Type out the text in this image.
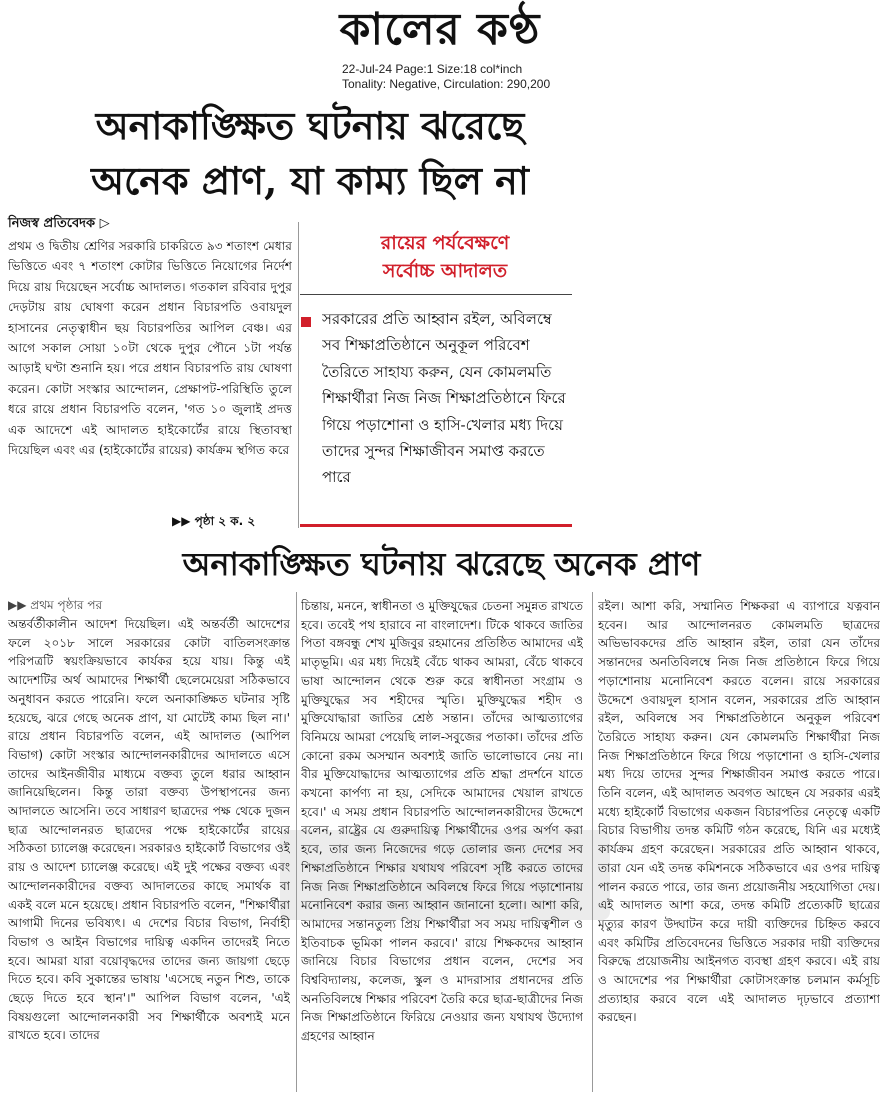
কালের কণ্ঠ
22-Jul-24 Page:1 Size:18 col*inch
Tonality: Negative, Circulation: 290,200
অনাকাঙ্ক্ষিত ঘটনায় ঝরেছে
অনেক প্রাণ, যা কাম্য ছিল না
নিজস্ব প্রতিবেদক ▷
প্রথম ও দ্বিতীয় শ্রেণির সরকারি চাকরিতে ৯৩ শতাংশ মেধার ভিত্তিতে এবং ৭ শতাংশ কোটার ভিত্তিতে নিয়োগের নির্দেশ দিয়ে রায় দিয়েছেন সর্বোচ্চ আদালত। গতকাল রবিবার দুপুর দেড়টায় রায় ঘোষণা করেন প্রধান বিচারপতি ওবায়দুল হাসানের নেতৃত্বাধীন ছয় বিচারপতির আপিল বেঞ্চ। এর আগে সকাল সোয়া ১০টা থেকে দুপুর পৌনে ১টা পর্যন্ত আড়াই ঘণ্টা শুনানি হয়। পরে প্রধান বিচারপতি রায় ঘোষণা করেন। কোটা সংস্কার আন্দোলন, প্রেক্ষাপট-পরিস্থিতি তুলে ধরে রায়ে প্রধান বিচারপতি বলেন, 'গত ১০ জুলাই প্রদত্ত এক আদেশে এই আদালত হাইকোর্টের রায়ে স্থিতাবস্থা দিয়েছিল এবং এর (হাইকোর্টের রায়ের) কার্যক্রম স্থগিত করে
▶▶ পৃষ্ঠা ২ ক. ২
রায়ের পর্যবেক্ষণে
সর্বোচ্চ আদালত
সরকারের প্রতি আহ্বান রইল, অবিলম্বে সব শিক্ষাপ্রতিষ্ঠানে অনুকূল পরিবেশ তৈরিতে সাহায্য করুন, যেন কোমলমতি শিক্ষার্থীরা নিজ নিজ শিক্ষাপ্রতিষ্ঠানে ফিরে গিয়ে পড়াশোনা ও হাসি-খেলার মধ্য দিয়ে তাদের সুন্দর শিক্ষাজীবন সমাপ্ত করতে পারে
অনাকাঙ্ক্ষিত ঘটনায় ঝরেছে অনেক প্রাণ
▶▶ প্রথম পৃষ্ঠার পর
অন্তর্বর্তীকালীন আদেশ দিয়েছিল। এই অন্তর্বর্তী আদেশের ফলে ২০১৮ সালে সরকারের কোটা বাতিলসংক্রান্ত পরিপত্রটি স্বয়ংক্রিয়ভাবে কার্যকর হয়ে যায়। কিন্তু এই আদেশটির অর্থ আমাদের শিক্ষার্থী ছেলেমেয়েরা সঠিকভাবে অনুধাবন করতে পারেনি। ফলে অনাকাঙ্ক্ষিত ঘটনার সৃষ্টি হয়েছে, ঝরে গেছে অনেক প্রাণ, যা মোটেই কাম্য ছিল না।' রায়ে প্রধান বিচারপতি বলেন, এই আদালত (আপিল বিভাগ) কোটা সংস্কার আন্দোলনকারীদের আদালতে এসে তাদের আইনজীবীর মাধ্যমে বক্তব্য তুলে ধরার আহ্বান জানিয়েছিলেন। কিন্তু তারা বক্তব্য উপস্থাপনের জন্য আদালতে আসেনি। তবে সাধারণ ছাত্রদের পক্ষ থেকে দুজন ছাত্র আন্দোলনরত ছাত্রদের পক্ষে হাইকোর্টের রায়ের সঠিকতা চ্যালেঞ্জ করেছেন। সরকারও হাইকোর্ট বিভাগের ওই রায় ও আদেশ চ্যালেঞ্জ করেছে। এই দুই পক্ষের বক্তব্য এবং আন্দোলনকারীদের বক্তব্য আদালতের কাছে সমার্থক বা একই বলে মনে হয়েছে। প্রধান বিচারপতি বলেন, "শিক্ষার্থীরা আগামী দিনের ভবিষ্যৎ। এ দেশের বিচার বিভাগ, নির্বাহী বিভাগ ও আইন বিভাগের দায়িত্ব একদিন তাদেরই নিতে হবে। আমরা যারা বয়োবৃদ্ধদের তাদের জন্য জায়গা ছেড়ে দিতে হবে। কবি সুকান্তের ভাষায় 'এসেছে নতুন শিশু, তাকে ছেড়ে দিতে হবে স্থান'।" আপিল বিভাগ বলেন, 'এই বিষয়গুলো আন্দোলনকারী সব শিক্ষার্থীকে অবশ্যই মনে রাখতে হবে। তাদের
চিন্তায়, মননে, স্বাধীনতা ও মুক্তিযুদ্ধের চেতনা সমুন্নত রাখতে হবে। তবেই পথ হারাবে না বাংলাদেশ। টিকে থাকবে জাতির পিতা বঙ্গবন্ধু শেখ মুজিবুর রহমানের প্রতিষ্ঠিত আমাদের এই মাতৃভূমি। এর মধ্য দিয়েই বেঁচে থাকব আমরা, বেঁচে থাকবে ভাষা আন্দোলন থেকে শুরু করে স্বাধীনতা সংগ্রাম ও মুক্তিযুদ্ধের সব শহীদের স্মৃতি। মুক্তিযুদ্ধের শহীদ ও মুক্তিযোদ্ধারা জাতির শ্রেষ্ঠ সন্তান। তাঁদের আত্মত্যাগের বিনিময়ে আমরা পেয়েছি লাল-সবুজের পতাকা। তাঁদের প্রতি কোনো রকম অসম্মান অবশ্যই জাতি ভালোভাবে নেয় না। বীর মুক্তিযোদ্ধাদের আত্মত্যাগের প্রতি শ্রদ্ধা প্রদর্শনে যাতে কখনো কার্পণ্য না হয়, সেদিকে আমাদের খেয়াল রাখতে হবে।' এ সময় প্রধান বিচারপতি আন্দোলনকারীদের উদ্দেশে বলেন, রাষ্ট্রের যে গুরুদায়িত্ব শিক্ষার্থীদের ওপর অর্পণ করা হবে, তার জন্য নিজেদের গড়ে তোলার জন্য দেশের সব শিক্ষাপ্রতিষ্ঠানে শিক্ষার যথাযথ পরিবেশ সৃষ্টি করতে তাদের নিজ নিজ শিক্ষাপ্রতিষ্ঠানে অবিলম্বে ফিরে গিয়ে পড়াশোনায় মনোনিবেশ করার জন্য আহ্বান জানানো হলো। আশা করি, আমাদের সন্তানতুল্য প্রিয় শিক্ষার্থীরা সব সময় দায়িত্বশীল ও ইতিবাচক ভূমিকা পালন করবে।' রায়ে শিক্ষকদের আহ্বান জানিয়ে বিচার বিভাগের প্রধান বলেন, দেশের সব বিশ্ববিদ্যালয়, কলেজ, স্কুল ও মাদরাসার প্রধানদের প্রতি অনতিবিলম্বে শিক্ষার পরিবেশ তৈরি করে ছাত্র-ছাত্রীদের নিজ নিজ শিক্ষাপ্রতিষ্ঠানে ফিরিয়ে নেওয়ার জন্য যথাযথ উদ্যোগ গ্রহণের আহ্বান
রইল। আশা করি, সম্মানিত শিক্ষকরা এ ব্যাপারে যত্নবান হবেন। আর আন্দোলনরত কোমলমতি ছাত্রদের অভিভাবকদের প্রতি আহ্বান রইল, তারা যেন তাঁদের সন্তানদের অনতিবিলম্বে নিজ নিজ প্রতিষ্ঠানে ফিরে গিয়ে পড়াশোনায় মনোনিবেশ করতে বলেন। রায়ে সরকারের উদ্দেশে ওবায়দুল হাসান বলেন, সরকারের প্রতি আহ্বান রইল, অবিলম্বে সব শিক্ষাপ্রতিষ্ঠানে অনুকূল পরিবেশ তৈরিতে সাহায্য করুন। যেন কোমলমতি শিক্ষার্থীরা নিজ নিজ শিক্ষাপ্রতিষ্ঠানে ফিরে গিয়ে পড়াশোনা ও হাসি-খেলার মধ্য দিয়ে তাদের সুন্দর শিক্ষাজীবন সমাপ্ত করতে পারে। তিনি বলেন, এই আদালত অবগত আছেন যে সরকার এরই মধ্যে হাইকোর্ট বিভাগের একজন বিচারপতির নেতৃত্বে একটি বিচার বিভাগীয় তদন্ত কমিটি গঠন করেছে, যিনি এর মধ্যেই কার্যক্রম গ্রহণ করেছেন। সরকারের প্রতি আহ্বান থাকবে, তারা যেন এই তদন্ত কমিশনকে সঠিকভাবে এর ওপর দায়িত্ব পালন করতে পারে, তার জন্য প্রয়োজনীয় সহযোগিতা দেয়। এই আদালত আশা করে, তদন্ত কমিটি প্রত্যেকটি ছাত্রের মৃত্যুর কারণ উদ্ঘাটন করে দায়ী ব্যক্তিদের চিহ্নিত করবে এবং কমিটির প্রতিবেদনের ভিত্তিতে সরকার দায়ী ব্যক্তিদের বিরুদ্ধে প্রয়োজনীয় আইনগত ব্যবস্থা গ্রহণ করবে। এই রায় ও আদেশের পর শিক্ষার্থীরা কোটাসংক্রান্ত চলমান কর্মসূচি প্রত্যাহার করবে বলে এই আদালত দৃঢ়ভাবে প্রত্যাশা করছেন।
